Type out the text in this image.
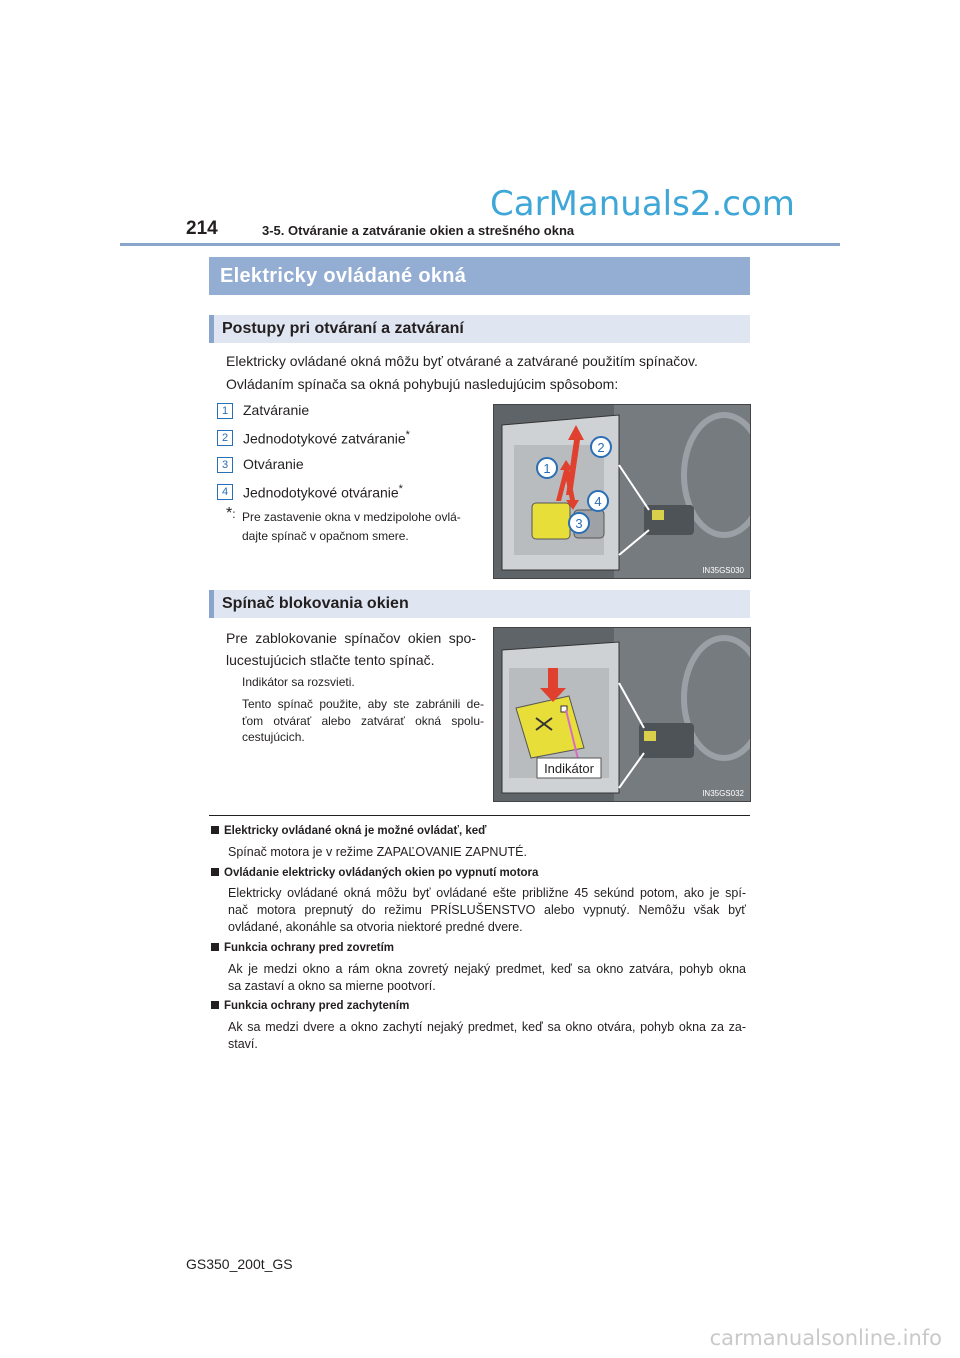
CarManuals2.com
214	3-5. Otváranie a zatváranie okien a strešného okna
Elektricky ovládané okná
Postupy pri otváraní a zatváraní
Elektricky ovládané okná môžu byť otvárané a zatvárané použitím spínačov.
Ovládaním spínača sa okná pohybujú nasledujúcim spôsobom:
1	Zatváranie
2	Jednodotykové zatváranie*
3	Otváranie
4	Jednodotykové otváranie*
*: Pre zastavenie okna v medzipolohe ovlá-
dajte spínač v opačnom smere.
1
2
3
4
IN35GS030
Spínač blokovania okien
Pre zablokovanie spínačov okien spo-
lucestujúcich stlačte tento spínač.
Indikátor sa rozsvieti.
Tento spínač použite, aby ste zabránili de-
ťom otvárať alebo zatvárať okná spolu-
cestujúcich.
Indikátor
IN35GS032
Elektricky ovládané okná je možné ovládať, keď
Spínač motora je v režime ZAPAĽOVANIE ZAPNUTÉ.
Ovládanie elektricky ovládaných okien po vypnutí motora
Elektricky ovládané okná môžu byť ovládané ešte približne 45 sekúnd potom, ako je spí-
nač motora prepnutý do režimu PRÍSLUŠENSTVO alebo vypnutý. Nemôžu však byť
ovládané, akonáhle sa otvoria niektoré predné dvere.
Funkcia ochrany pred zovretím
Ak je medzi okno a rám okna zovretý nejaký predmet, keď sa okno zatvára, pohyb okna
sa zastaví a okno sa mierne pootvorí.
Funkcia ochrany pred zachytením
Ak sa medzi dvere a okno zachytí nejaký predmet, keď sa okno otvára, pohyb okna za za-
staví.
GS350_200t_GS
carmanualsonline.info
